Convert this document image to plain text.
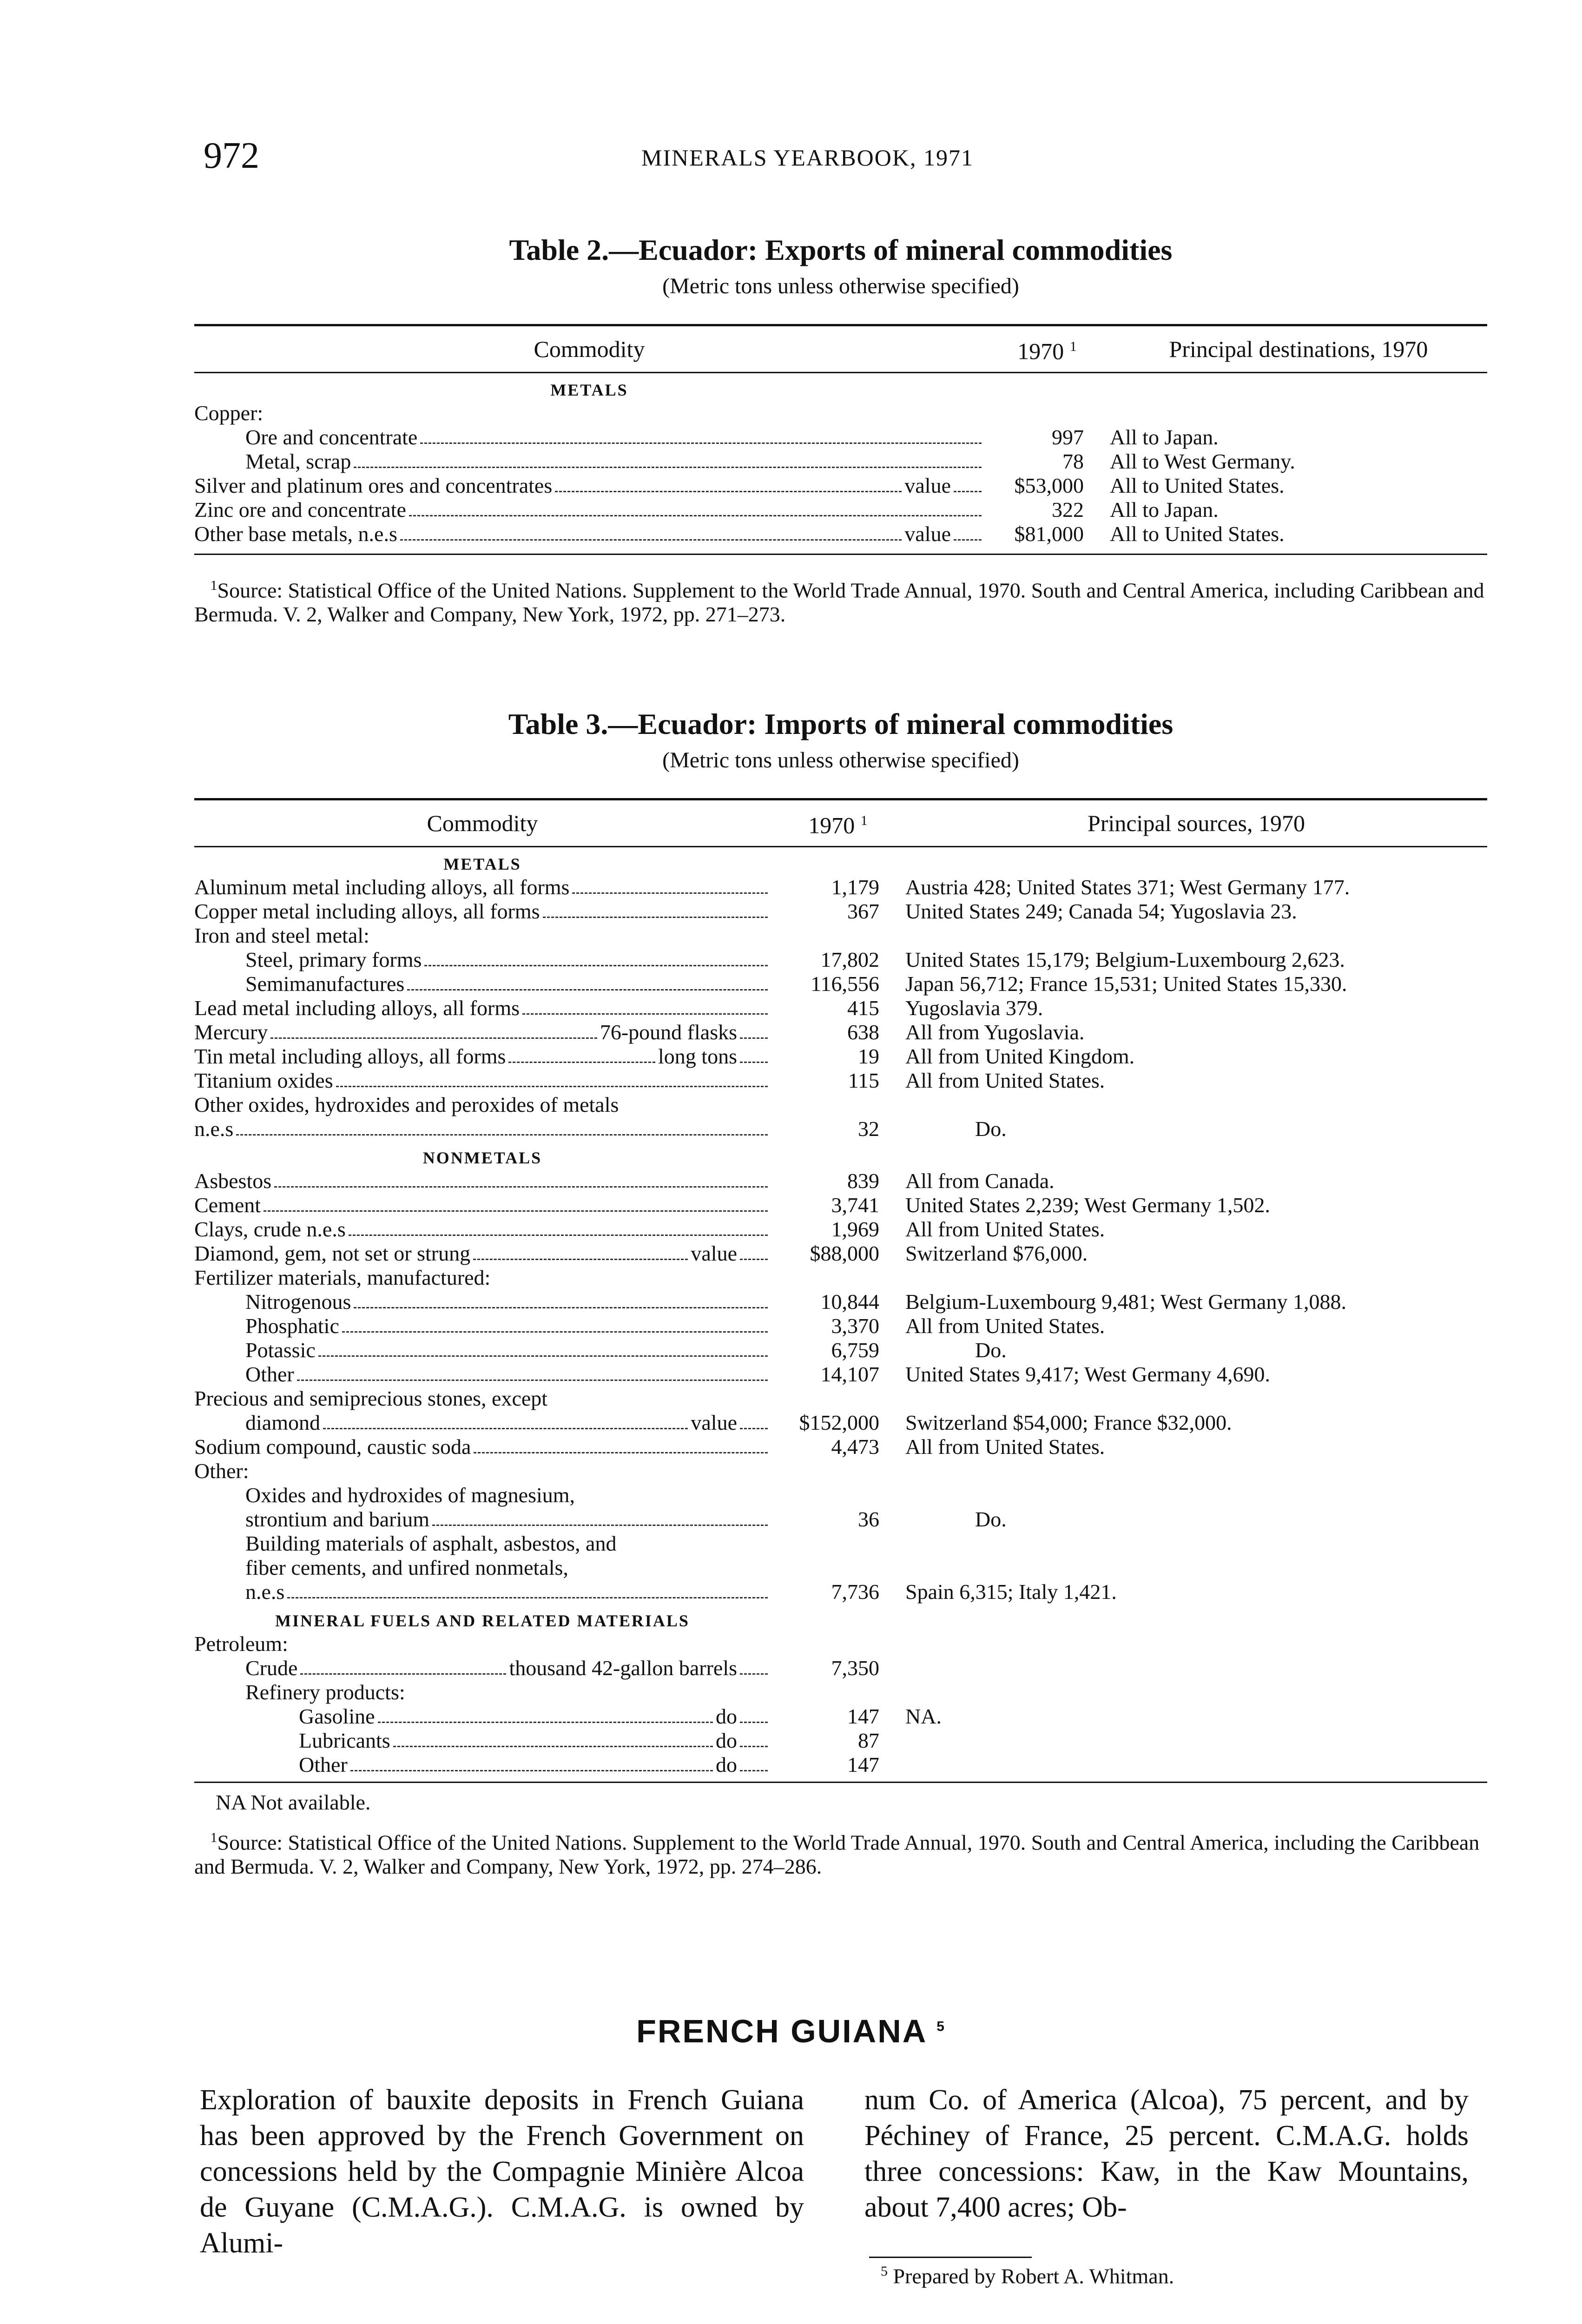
972	MINERALS YEARBOOK, 1971
Table 2.—Ecuador: Exports of mineral commodities
(Metric tons unless otherwise specified)
Commodity	1970 $^1$	Principal destinations, 1970
METALS		

Copper:		

Ore and concentrate	997	All to Japan.

Metal, scrap	78	All to West Germany.

Silver and platinum ores and concentrates value	$53,000	All to United States.

Zinc ore and concentrate	322	All to Japan.

Other base metals, n.e.s value	$81,000	All to United States.
$^1$Source: Statistical Office of the United Nations. Supplement to the World Trade Annual, 1970. South and Central America, including Caribbean and Bermuda. V. 2, Walker and Company, New York, 1972, pp. 271–273.
Table 3.—Ecuador: Imports of mineral commodities
(Metric tons unless otherwise specified)
Commodity	1970 $^1$	Principal sources, 1970
METALS		

Aluminum metal including alloys, all forms	1,179	Austria 428; United States 371; West Germany 177.

Copper metal including alloys, all forms	367	United States 249; Canada 54; Yugoslavia 23.

Iron and steel metal:		

Steel, primary forms	17,802	United States 15,179; Belgium-Luxembourg 2,623.

Semimanufactures	116,556	Japan 56,712; France 15,531; United States 15,330.

Lead metal including alloys, all forms	415	Yugoslavia 379.

Mercury 76-pound flasks	638	All from Yugoslavia.

Tin metal including alloys, all forms long tons	19	All from United Kingdom.

Titanium oxides	115	All from United States.

Other oxides, hydroxides and peroxides of metals		

n.e.s	32	Do.
NONMETALS		

Asbestos	839	All from Canada.

Cement	3,741	United States 2,239; West Germany 1,502.

Clays, crude n.e.s	1,969	All from United States.

Diamond, gem, not set or strung value	$88,000	Switzerland $76,000.

Fertilizer materials, manufactured:		

Nitrogenous	10,844	Belgium-Luxembourg 9,481; West Germany 1,088.

Phosphatic	3,370	All from United States.

Potassic	6,759	Do.

Other	14,107	United States 9,417; West Germany 4,690.

Precious and semiprecious stones, except		

diamond value	$152,000	Switzerland $54,000; France $32,000.

Sodium compound, caustic soda	4,473	All from United States.

Other:		

Oxides and hydroxides of magnesium,		

strontium and barium	36	Do.

Building materials of asphalt, asbestos, and		

fiber cements, and unfired nonmetals,		

n.e.s	7,736	Spain 6,315; Italy 1,421.
MINERAL FUELS AND RELATED MATERIALS		

Petroleum:		

Crude thousand 42-gallon barrels	7,350	

Refinery products:		

Gasoline do	147	NA.

Lubricants do	87	

Other do	147	
NA Not available.
$^1$Source: Statistical Office of the United Nations. Supplement to the World Trade Annual, 1970. South and Central America, including the Caribbean and Bermuda. V. 2, Walker and Company, New York, 1972, pp. 274–286.
FRENCH GUIANA $^5$
Exploration of bauxite deposits in French Guiana has been approved by the French Government on concessions held by the Compagnie Minière Alcoa de Guyane (C.M.A.G.). C.M.A.G. is owned by Alumi-
num Co. of America (Alcoa), 75 percent, and by Péchiney of France, 25 percent. C.M.A.G. holds three concessions: Kaw, in the Kaw Mountains, about 7,400 acres; Ob-
$^5$ Prepared by Robert A. Whitman.
